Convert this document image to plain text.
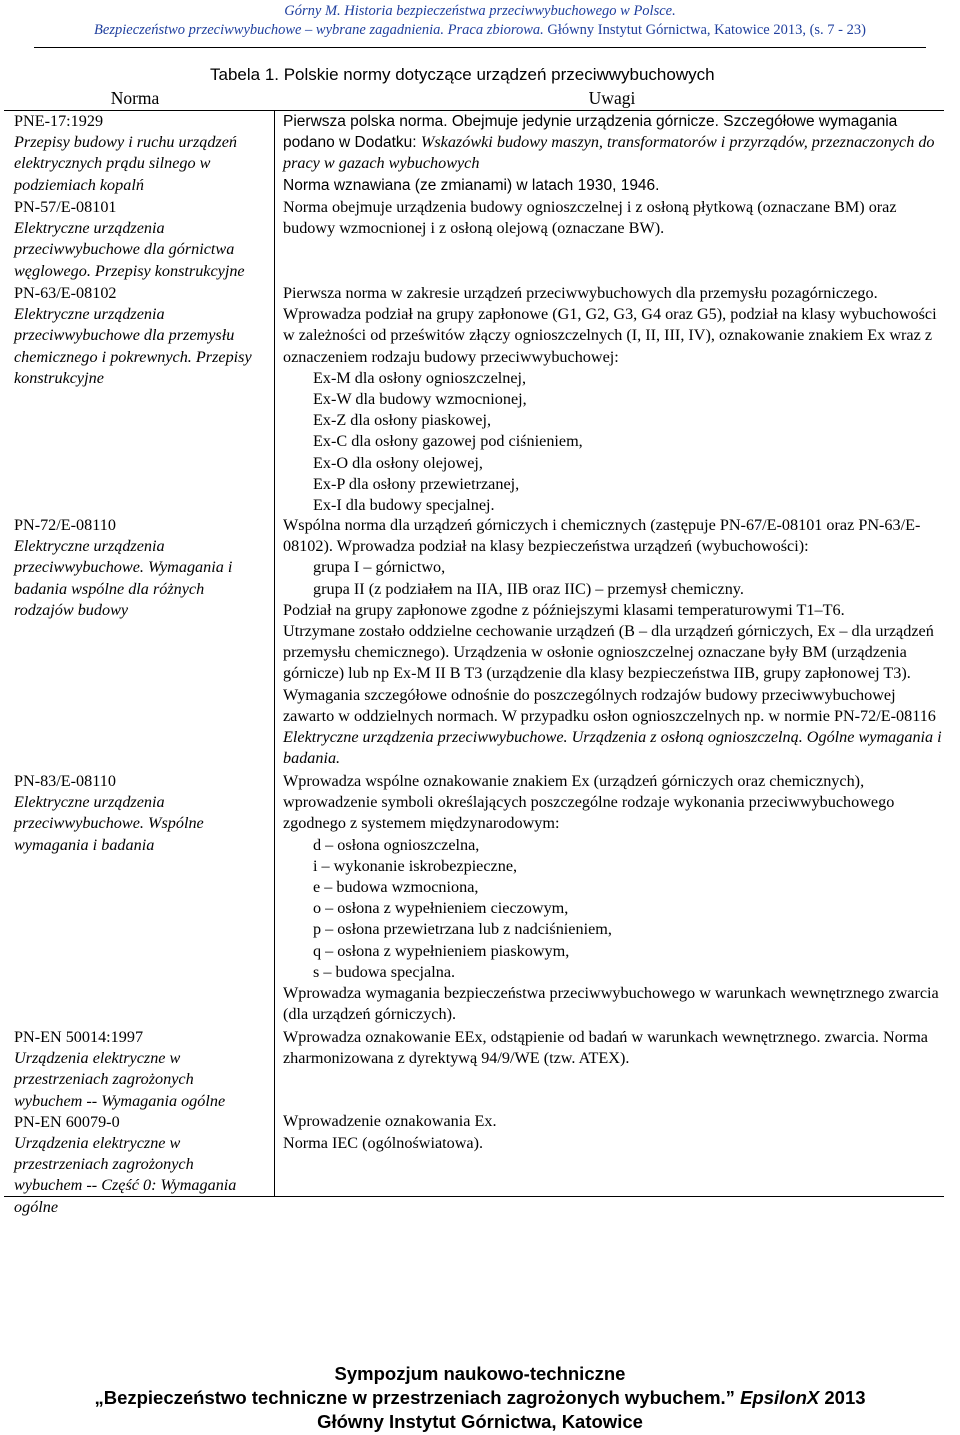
Górny M. Historia bezpieczeństwa przeciwwybuchowego w Polsce.
Bezpieczeństwo przeciwwybuchowe – wybrane zagadnienia. Praca zbiorowa. Główny Instytut Górnictwa, Katowice 2013, (s. 7 - 23)
Tabela 1. Polskie normy dotyczące urządzeń przeciwwybuchowych
Norma	Uwagi
PNE-17:1929
Przepisy budowy i ruchu urządzeń elektrycznych prądu silnego w podziemiach kopalń
Pierwsza polska norma. Obejmuje jedynie urządzenia górnicze. Szczegółowe wymagania podano w Dodatku: Wskazówki budowy maszyn, transformatorów i przyrządów, przeznaczonych do pracy w gazach wybuchowych
Norma wznawiana (ze zmianami) w latach 1930, 1946.
PN-57/E-08101
Elektryczne urządzenia przeciwwybuchowe dla górnictwa węglowego. Przepisy konstrukcyjne
Norma obejmuje urządzenia budowy ognioszczelnej i z osłoną płytkową (oznaczane BM) oraz budowy wzmocnionej i z osłoną olejową (oznaczane BW).
PN-63/E-08102
Elektryczne urządzenia przeciwwybuchowe dla przemysłu chemicznego i pokrewnych. Przepisy konstrukcyjne
Pierwsza norma w zakresie urządzeń przeciwwybuchowych dla przemysłu pozagórniczego. Wprowadza podział na grupy zapłonowe (G1, G2, G3, G4 oraz G5), podział na klasy wybuchowości w zależności od prześwitów złączy ognioszczelnych (I, II, III, IV), oznakowanie znakiem Ex wraz z oznaczeniem rodzaju budowy przeciwwybuchowej:
Ex-M dla osłony ognioszczelnej,
Ex-W dla budowy wzmocnionej,
Ex-Z dla osłony piaskowej,
Ex-C dla osłony gazowej pod ciśnieniem,
Ex-O dla osłony olejowej,
Ex-P dla osłony przewietrzanej,
Ex-I dla budowy specjalnej.
PN-72/E-08110
Elektryczne urządzenia przeciwwybuchowe. Wymagania i badania wspólne dla różnych rodzajów budowy
Wspólna norma dla urządzeń górniczych i chemicznych (zastępuje PN-67/E-08101 oraz PN-63/E-08102). Wprowadza podział na klasy bezpieczeństwa urządzeń (wybuchowości):
grupa I – górnictwo,
grupa II (z podziałem na IIA, IIB oraz IIC) – przemysł chemiczny.
Podział na grupy zapłonowe zgodne z późniejszymi klasami temperaturowymi T1–T6.
Utrzymane zostało oddzielne cechowanie urządzeń (B – dla urządzeń górniczych, Ex – dla urządzeń przemysłu chemicznego). Urządzenia w osłonie ognioszczelnej oznaczane były BM (urządzenia górnicze) lub np Ex-M II B T3 (urządzenie dla klasy bezpieczeństwa IIB, grupy zapłonowej T3). Wymagania szczegółowe odnośnie do poszczególnych rodzajów budowy przeciwwybuchowej zawarto w oddzielnych normach. W przypadku osłon ognioszczelnych np. w normie PN-72/E-08116 Elektryczne urządzenia przeciwwybuchowe. Urządzenia z osłoną ognioszczelną. Ogólne wymagania i badania.
PN-83/E-08110
Elektryczne urządzenia przeciwwybuchowe. Wspólne wymagania i badania
Wprowadza wspólne oznakowanie znakiem Ex (urządzeń górniczych oraz chemicznych), wprowadzenie symboli określających poszczególne rodzaje wykonania przeciwwybuchowego zgodnego z systemem międzynarodowym:
d – osłona ognioszczelna,
i – wykonanie iskrobezpieczne,
e – budowa wzmocniona,
o – osłona z wypełnieniem cieczowym,
p – osłona przewietrzana lub z nadciśnieniem,
q – osłona z wypełnieniem piaskowym,
s – budowa specjalna.
Wprowadza wymagania bezpieczeństwa przeciwwybuchowego w warunkach wewnętrznego zwarcia (dla urządzeń górniczych).
PN-EN 50014:1997
Urządzenia elektryczne w przestrzeniach zagrożonych wybuchem -- Wymagania ogólne
PN-EN 60079-0
Urządzenia elektryczne w przestrzeniach zagrożonych wybuchem -- Część 0: Wymagania ogólne
Wprowadza oznakowanie EEx, odstąpienie od badań w warunkach wewnętrznego. zwarcia. Norma zharmonizowana z dyrektywą 94/9/WE (tzw. ATEX).
Wprowadzenie oznakowania Ex.
Norma IEC (ogólnoświatowa).
Sympozjum naukowo-techniczne
„Bezpieczeństwo techniczne w przestrzeniach zagrożonych wybuchem.” EpsilonX 2013
Główny Instytut Górnictwa, Katowice
